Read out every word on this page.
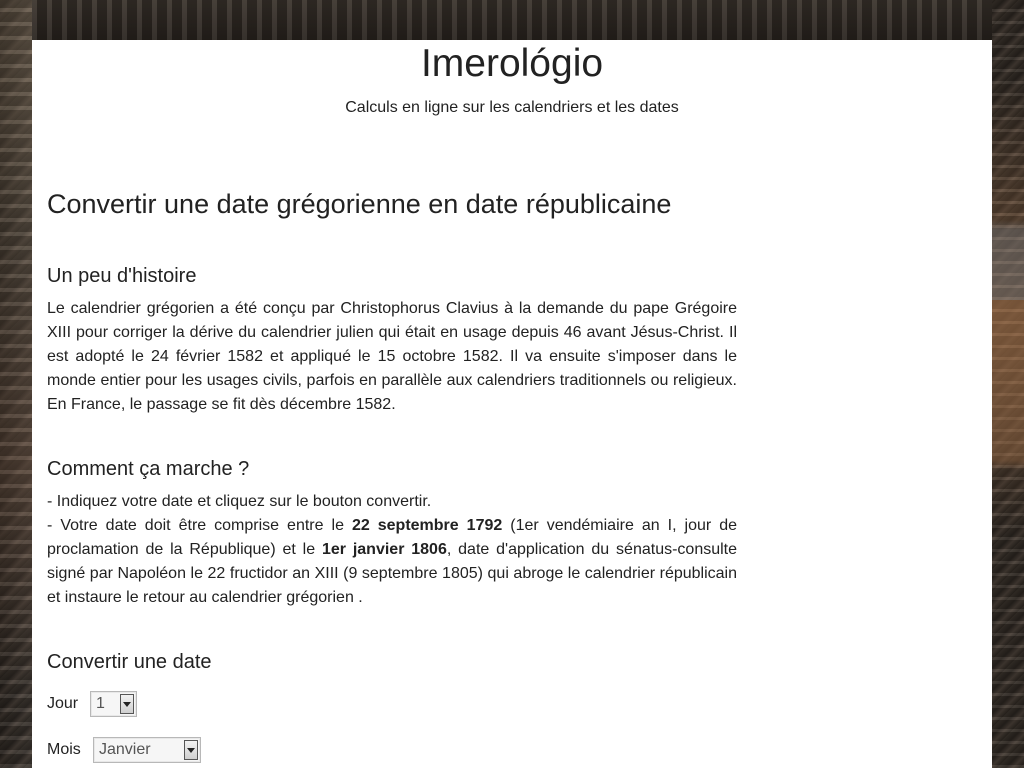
Imerológio

Calculs en ligne sur les calendriers et les dates

Convertir une date grégorienne en date républicaine
Un peu d'histoire

Le calendrier grégorien a été conçu par Christophorus Clavius à la demande du pape Grégoire XIII pour corriger la dérive du calendrier julien qui était en usage depuis 46 avant Jésus-Christ. Il est adopté le 24 février 1582 et appliqué le 15 octobre 1582. Il va ensuite s'imposer dans le monde entier pour les usages civils, parfois en parallèle aux calendriers traditionnels ou religieux. En France, le passage se fit dès décembre 1582.

Comment ça marche ?

- Indiquez votre date et cliquez sur le bouton convertir.
- Votre date doit être comprise entre le 22 septembre 1792 (1er vendémiaire an I, jour de proclamation de la République) et le 1er janvier 1806, date d'application du sénatus-consulte signé par Napoléon le 22 fructidor an XIII (9 septembre 1805) qui abroge le calendrier républicain et instaure le retour au calendrier grégorien .

Convertir une date
Jour	1
Mois	Janvier
